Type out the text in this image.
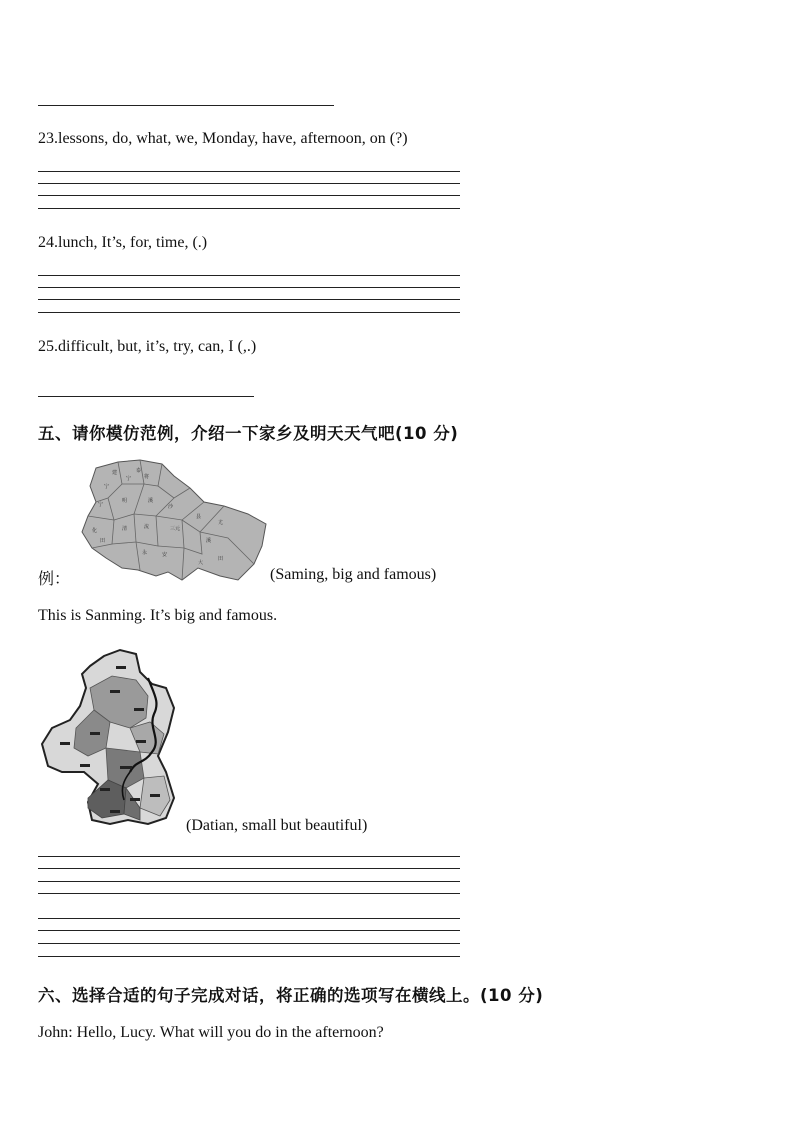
23.lessons, do, what, we, Monday, have, afternoon, on (?)
24.lunch, It’s, for, time, (.)
25.difficult, but, it’s, try, can, I (,.)
五、请你模仿范例，介绍一下家乡及明天天气吧(10 分)
建	泰
宁
宁	将
宁
明	溪
沙
县
尤
化	清	流	三元
溪
田
永	安
大
田
例：	(Saming, big and famous)
This is Sanming. It’s big and famous.
(Datian, small but beautiful)
六、选择合适的句子完成对话，将正确的选项写在横线上。(10 分)
John: Hello, Lucy. What will you do in the afternoon?
